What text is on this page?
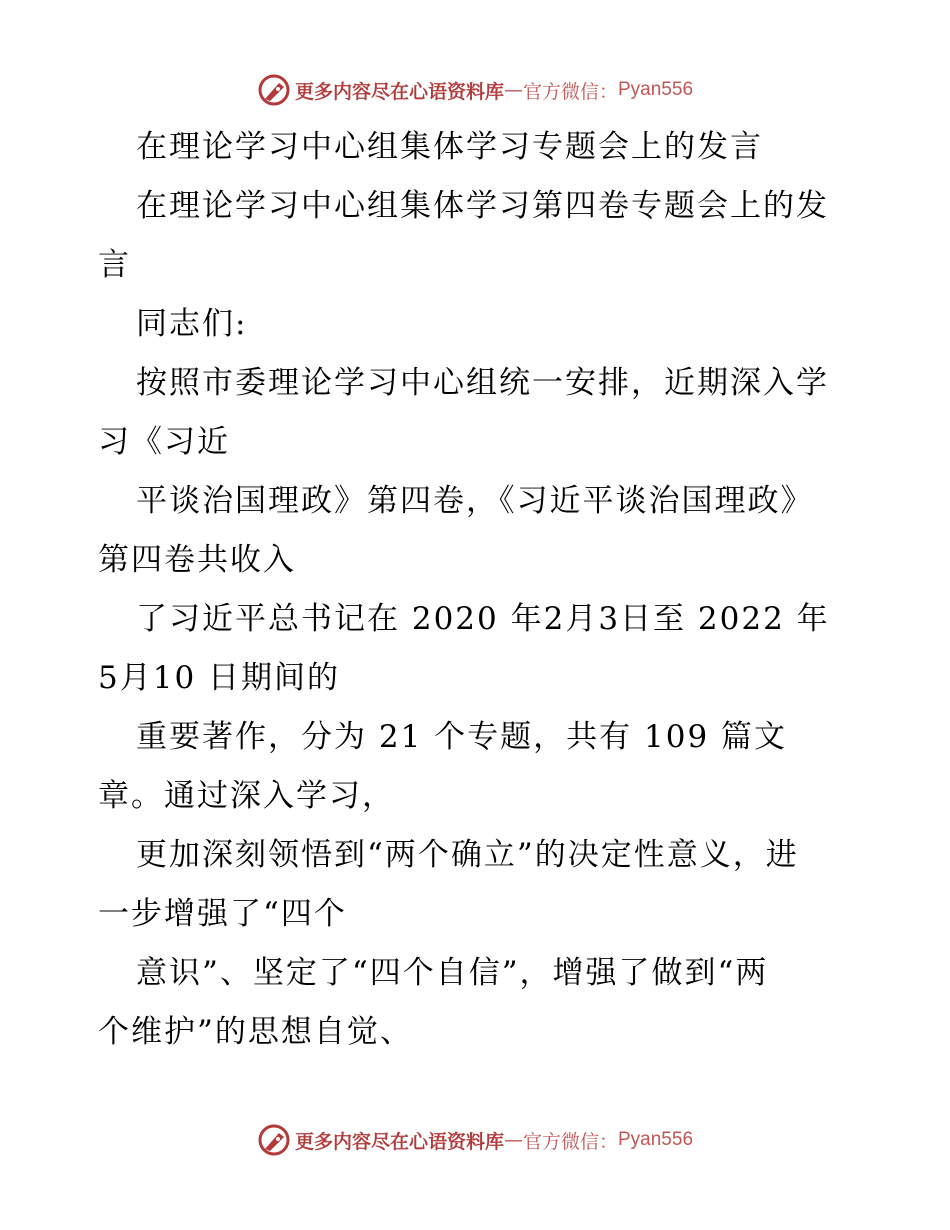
更多内容尽在心语资料库 — 官方微信： Pyan556
在理论学习中心组集体学习专题会上的发言
在理论学习中心组集体学习第四卷专题会上的发
言
同志们:
按照市委理论学习中心组统一安排，近期深入学
习《习近
平谈治国理政》第四卷，《习近平谈治国理政》
第四卷共收入
了习近平总书记在 2020 年2月3日至 2022 年
5月10 日期间的
重要著作，分为 21 个专题，共有 109 篇文
章。通过深入学习，
更加深刻领悟到“两个确立”的决定性意义，进
一步增强了“四个
意识”、坚定了“四个自信”，增强了做到“两
个维护”的思想自觉、
更多内容尽在心语资料库 — 官方微信： Pyan556
